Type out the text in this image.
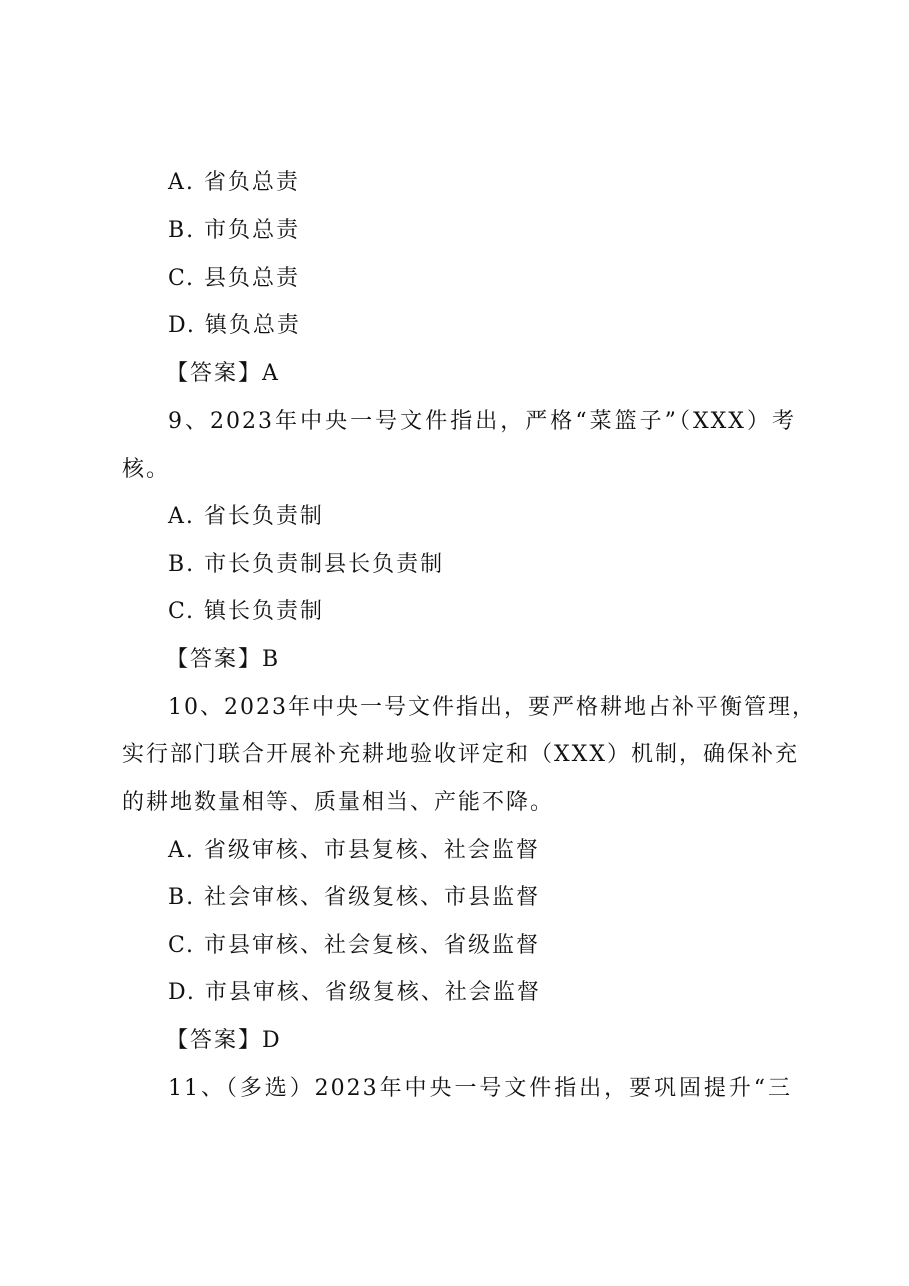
A. 省负总责
B. 市负总责
C. 县负总责
D. 镇负总责
【答案】A
9、2023年中央一号文件指出，严格“菜篮子”（XXX）考
核。
A. 省长负责制
B. 市长负责制县长负责制
C. 镇长负责制
【答案】B
10、2023年中央一号文件指出，要严格耕地占补平衡管理，
实行部门联合开展补充耕地验收评定和（XXX）机制，确保补充
的耕地数量相等、质量相当、产能不降。
A. 省级审核、市县复核、社会监督
B. 社会审核、省级复核、市县监督
C. 市县审核、社会复核、省级监督
D. 市县审核、省级复核、社会监督
【答案】D
11、（多选）2023年中央一号文件指出，要巩固提升“三
